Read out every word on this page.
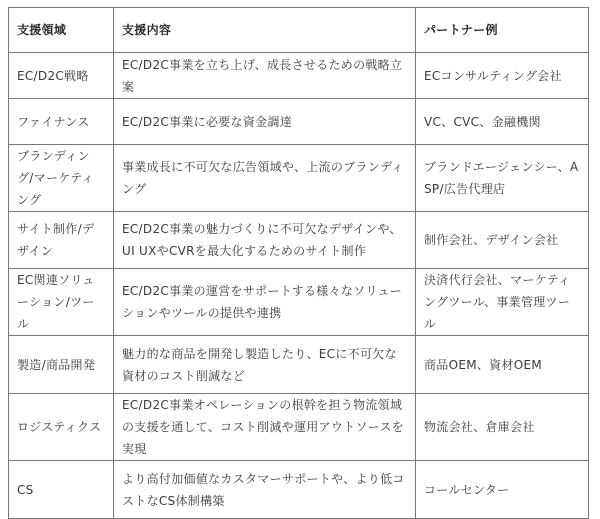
支援領域	支援内容	パートナー例
EC/D2C戦略	EC/D2C事業を立ち上げ、成長させるための戦略立案	ECコンサルティング会社
ファイナンス	EC/D2C事業に必要な資金調達	VC、CVC、金融機関
ブランディング/マーケティング	事業成長に不可欠な広告領域や、上流のブランディング	ブランドエージェンシー、ASP/広告代理店
サイト制作/デザイン	EC/D2C事業の魅力づくりに不可欠なデザインや、UI UXやCVRを最大化するためのサイト制作	制作会社、デザイン会社
EC関連ソリューション/ツール	EC/D2C事業の運営をサポートする様々なソリューションやツールの提供や連携	決済代行会社、マーケティングツール、事業管理ツール
製造/商品開発	魅力的な商品を開発し製造したり、ECに不可欠な資材のコスト削減など	商品OEM、資材OEM
ロジスティクス	EC/D2C事業オペレーションの根幹を担う物流領域の支援を通して、コスト削減や運用アウトソースを実現	物流会社、倉庫会社
CS	より高付加価値なカスタマーサポートや、より低コストなCS体制構築	コールセンター
